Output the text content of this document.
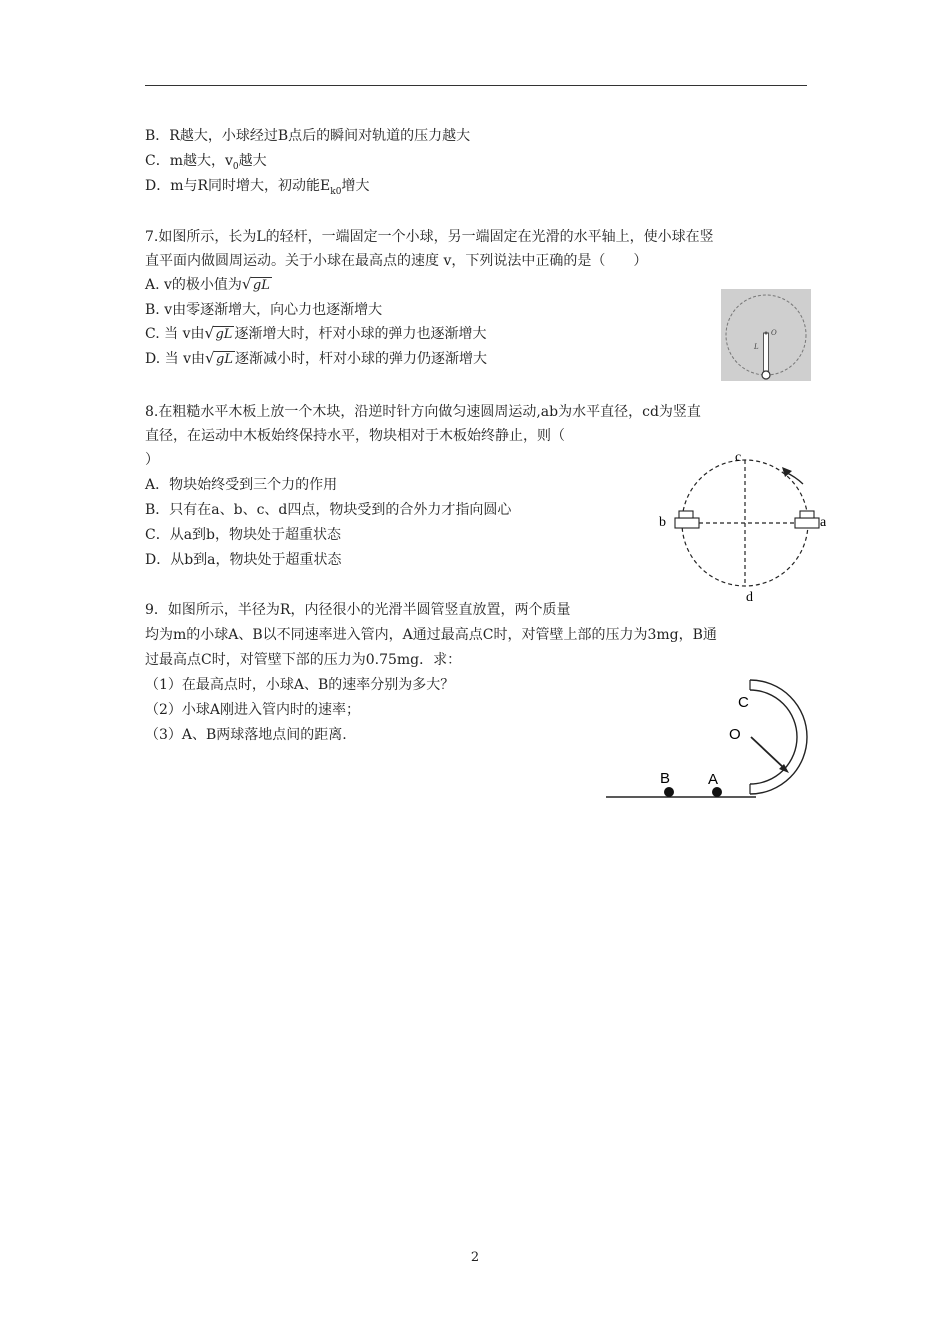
B．R越大，小球经过B点后的瞬间对轨道的压力越大
C．m越大，$v_0$越大
D．m与R同时增大，初动能$E_{k0}$增大
7.如图所示，长为L的轻杆，一端固定一个小球，另一端固定在光滑的水平轴上，使小球在竖
直平面内做圆周运动。关于小球在最高点的速度 v，下列说法中正确的是（　　）
A. v的极小值为 √ gL
B. v由零逐渐增大，向心力也逐渐增大
C. 当 v由 √ gL 逐渐增大时，杆对小球的弹力也逐渐增大
D. 当 v由 √ gL 逐渐减小时，杆对小球的弹力仍逐渐增大
L
O
8.在粗糙水平木板上放一个木块，沿逆时针方向做匀速圆周运动,ab为水平直径，cd为竖直
直径，在运动中木板始终保持水平，物块相对于木板始终静止，则（
）
A．物块始终受到三个力的作用
B．只有在a、b、c、d四点，物块受到的合外力才指向圆心
C．从a到b，物块处于超重状态
D．从b到a，物块处于超重状态
c
d
b	a
9．如图所示，半径为R，内径很小的光滑半圆管竖直放置，两个质量
均为m的小球A、B以不同速率进入管内，A通过最高点C时，对管壁上部的压力为3mg，B通
过最高点C时，对管壁下部的压力为0.75mg．求：
（1）在最高点时，小球A、B的速率分别为多大？
（2）小球A刚进入管内时的速率；
（3）A、B两球落地点间的距离.
C
O
B	A
2
